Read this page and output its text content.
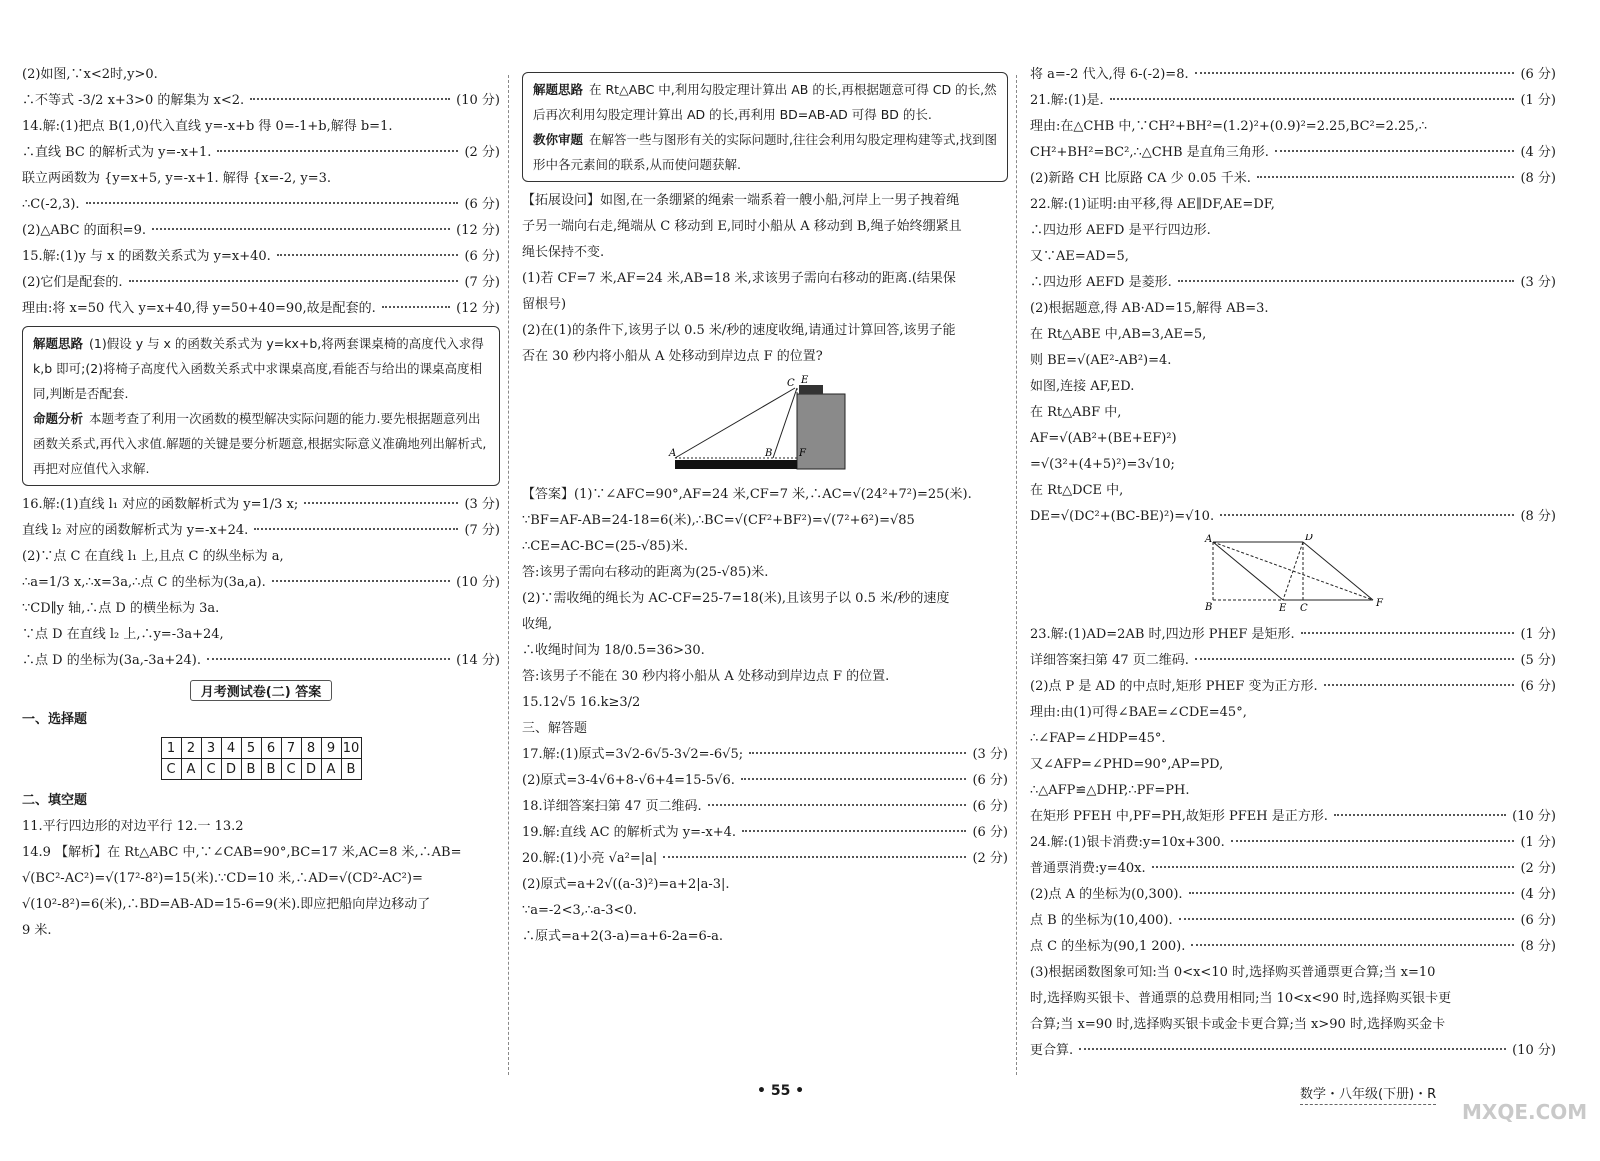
(2)如图,∵x<2时,y>0.
∴不等式 -3/2 x+3>0 的解集为 x<2.	(10 分)
14.解:(1)把点 B(1,0)代入直线 y=-x+b 得 0=-1+b,解得 b=1.
∴直线 BC 的解析式为 y=-x+1.	(2 分)
联立两函数为 {y=x+5, y=-x+1. 解得 {x=-2, y=3.
∴C(-2,3).	(6 分)
(2)△ABC 的面积=9.	(12 分)
15.解:(1)y 与 x 的函数关系式为 y=x+40.	(6 分)
(2)它们是配套的.	(7 分)
理由:将 x=50 代入 y=x+40,得 y=50+40=90,故是配套的.	(12 分)
解题思路 (1)假设 y 与 x 的函数关系式为 y=kx+b,将两套课桌椅的高度代入求得 k,b 即可;(2)将椅子高度代入函数关系式中求课桌高度,看能否与给出的课桌高度相同,判断是否配套.
命题分析 本题考查了利用一次函数的模型解决实际问题的能力.要先根据题意列出函数关系式,再代入求值.解题的关键是要分析题意,根据实际意义准确地列出解析式,再把对应值代入求解.
16.解:(1)直线 l₁ 对应的函数解析式为 y=1/3 x;	(3 分)
直线 l₂ 对应的函数解析式为 y=-x+24.	(7 分)
(2)∵点 C 在直线 l₁ 上,且点 C 的纵坐标为 a,
∴a=1/3 x,∴x=3a,∴点 C 的坐标为(3a,a).	(10 分)
∵CD∥y 轴,∴点 D 的横坐标为 3a.
∵点 D 在直线 l₂ 上,∴y=-3a+24,
∴点 D 的坐标为(3a,-3a+24).	(14 分)
月考测试卷(二) 答案
一、选择题
1	2	3	4	5	6	7	8	9	10
C	A	C	D	B	B	C	D	A	B
二、填空题
11.平行四边形的对边平行 12.一 13.2
14.9 【解析】在 Rt△ABC 中,∵∠CAB=90°,BC=17 米,AC=8 米,∴AB=
√(BC²-AC²)=√(17²-8²)=15(米).∵CD=10 米,∴AD=√(CD²-AC²)=
√(10²-8²)=6(米),∴BD=AB-AD=15-6=9(米).即应把船向岸边移动了
9 米.
解题思路 在 Rt△ABC 中,利用勾股定理计算出 AB 的长,再根据题意可得 CD 的长,然后再次利用勾股定理计算出 AD 的长,再利用 BD=AB-AD 可得 BD 的长.
教你审题 在解答一些与图形有关的实际问题时,往往会利用勾股定理构建等式,找到图形中各元素间的联系,从而使问题获解.
【拓展设问】如图,在一条绷紧的绳索一端系着一艘小船,河岸上一男子拽着绳
子另一端向右走,绳端从 C 移动到 E,同时小船从 A 移动到 B,绳子始终绷紧且
绳长保持不变.
(1)若 CF=7 米,AF=24 米,AB=18 米,求该男子需向右移动的距离.(结果保
留根号)
(2)在(1)的条件下,该男子以 0.5 米/秒的速度收绳,请通过计算回答,该男子能
否在 30 秒内将小船从 A 处移动到岸边点 F 的位置?
A	B
C E
F
【答案】(1)∵∠AFC=90°,AF=24 米,CF=7 米,∴AC=√(24²+7²)=25(米).
∵BF=AF-AB=24-18=6(米),∴BC=√(CF²+BF²)=√(7²+6²)=√85
∴CE=AC-BC=(25-√85)米.
答:该男子需向右移动的距离为(25-√85)米.
(2)∵需收绳的绳长为 AC-CF=25-7=18(米),且该男子以 0.5 米/秒的速度
收绳,
∴收绳时间为 18/0.5=36>30.
答:该男子不能在 30 秒内将小船从 A 处移动到岸边点 F 的位置.
15.12√5 16.k≥3/2
三、解答题
17.解:(1)原式=3√2-6√5-3√2=-6√5;	(3 分)
(2)原式=3-4√6+8-√6+4=15-5√6.	(6 分)
18.详细答案扫第 47 页二维码.	(6 分)
19.解:直线 AC 的解析式为 y=-x+4.	(6 分)
20.解:(1)小亮 √a²=|a|	(2 分)
(2)原式=a+2√((a-3)²)=a+2|a-3|.
∵a=-2<3,∴a-3<0.
∴原式=a+2(3-a)=a+6-2a=6-a.
将 a=-2 代入,得 6-(-2)=8.	(6 分)
21.解:(1)是.	(1 分)
理由:在△CHB 中,∵CH²+BH²=(1.2)²+(0.9)²=2.25,BC²=2.25,∴
CH²+BH²=BC²,∴△CHB 是直角三角形.	(4 分)
(2)新路 CH 比原路 CA 少 0.05 千米.	(8 分)
22.解:(1)证明:由平移,得 AE∥DF,AE=DF,
∴四边形 AEFD 是平行四边形.
又∵AE=AD=5,
∴四边形 AEFD 是菱形.	(3 分)
(2)根据题意,得 AB·AD=15,解得 AB=3.
在 Rt△ABE 中,AB=3,AE=5,
则 BE=√(AE²-AB²)=4.
如图,连接 AF,ED.
在 Rt△ABF 中,
AF=√(AB²+(BE+EF)²)
=√(3²+(4+5)²)=3√10;
在 Rt△DCE 中,
DE=√(DC²+(BC-BE)²)=√10.	(8 分)
A
B	C
D
E	F
23.解:(1)AD=2AB 时,四边形 PHEF 是矩形.	(1 分)
详细答案扫第 47 页二维码.	(5 分)
(2)点 P 是 AD 的中点时,矩形 PHEF 变为正方形.	(6 分)
理由:由(1)可得∠BAE=∠CDE=45°,
∴∠FAP=∠HDP=45°.
又∠AFP=∠PHD=90°,AP=PD,
∴△AFP≌△DHP,∴PF=PH.
在矩形 PFEH 中,PF=PH,故矩形 PFEH 是正方形.	(10 分)
24.解:(1)银卡消费:y=10x+300.	(1 分)
普通票消费:y=40x.	(2 分)
(2)点 A 的坐标为(0,300).	(4 分)
点 B 的坐标为(10,400).	(6 分)
点 C 的坐标为(90,1 200).	(8 分)
(3)根据函数图象可知:当 0<x<10 时,选择购买普通票更合算;当 x=10
时,选择购买银卡、普通票的总费用相同;当 10<x<90 时,选择购买银卡更
合算;当 x=90 时,选择购买银卡或金卡更合算;当 x>90 时,选择购买金卡
更合算.	(10 分)
• 55 •	数学・八年级(下册)・R
MXQE.COM
